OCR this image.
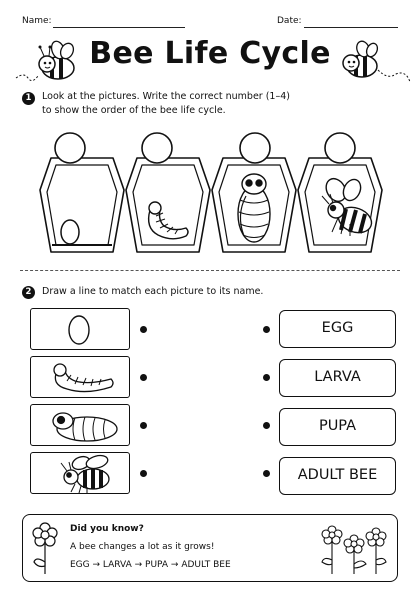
Name:	Date:
Bee Life Cycle
1	Look at the pictures. Write the correct number (1–4)
to show the order of the bee life cycle.
2	Draw a line to match each picture to its name.
EGG
LARVA
PUPA
ADULT BEE
Did you know?
A bee changes a lot as it grows!
EGG → LARVA → PUPA → ADULT BEE
